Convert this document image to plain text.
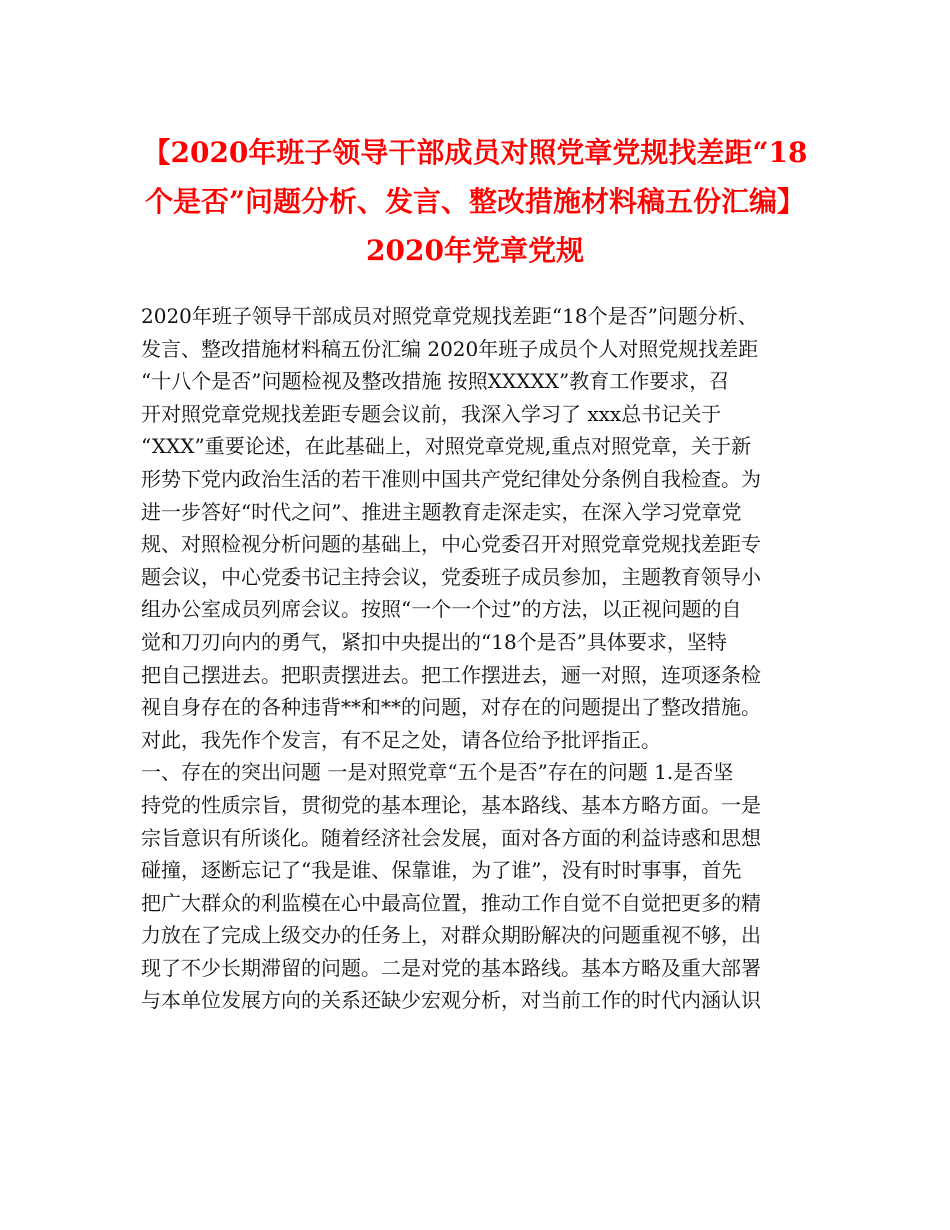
【2020年班子领导干部成员对照党章党规找差距“18
个是否”问题分析、发言、整改措施材料稿五份汇编】
2020年党章党规
2020年班子领导干部成员对照党章党规找差距“18个是否”问题分析、
发言、整改措施材料稿五份汇编 2020年班子成员个人对照党规找差距
“十八个是否”问题检视及整改措施 按照XXXXX”教育工作要求，召
开对照党章党规找差距专题会议前，我深入学习了 xxx总书记关于
“XXX”重要论述，在此基础上，对照党章党规,重点对照党章，关于新
形势下党内政治生活的若干准则中国共产党纪律处分条例自我检查。为
进一步答好“时代之问”、推进主题教育走深走实，在深入学习党章党
规、对照检视分析问题的基础上，中心党委召开对照党章党规找差距专
题会议，中心党委书记主持会议，党委班子成员参加，主题教育领导小
组办公室成员列席会议。按照“一个一个过”的方法，以正视问题的自
觉和刀刃向内的勇气，紧扣中央提出的“18个是否”具体要求，坚特
把自己摆进去。把职责摆进去。把工作摆进去，逦一对照，连项逐条检
视自身存在的各种违背**和**的问题，对存在的问题提出了整改措施。
对此，我先作个发言，有不足之处，请各位给予批评指正。
一、存在的突出问题 一是对照党章“五个是否”存在的问题 1.是否坚
持党的性质宗旨，贯彻党的基本理论，基本路线、基本方略方面。一是
宗旨意识有所谈化。随着经济社会发展，面对各方面的利益诗惑和思想
碰撞，逐断忘记了“我是谁、保靠谁，为了谁”，没有时时事事，首先
把广大群众的利监模在心中最高位置，推动工作自觉不自觉把更多的精
力放在了完成上级交办的任务上，对群众期盼解决的问题重视不够，出
现了不少长期滞留的问题。二是对党的基本路线。基本方略及重大部署
与本单位发展方向的关系还缺少宏观分析，对当前工作的时代内涵认识
